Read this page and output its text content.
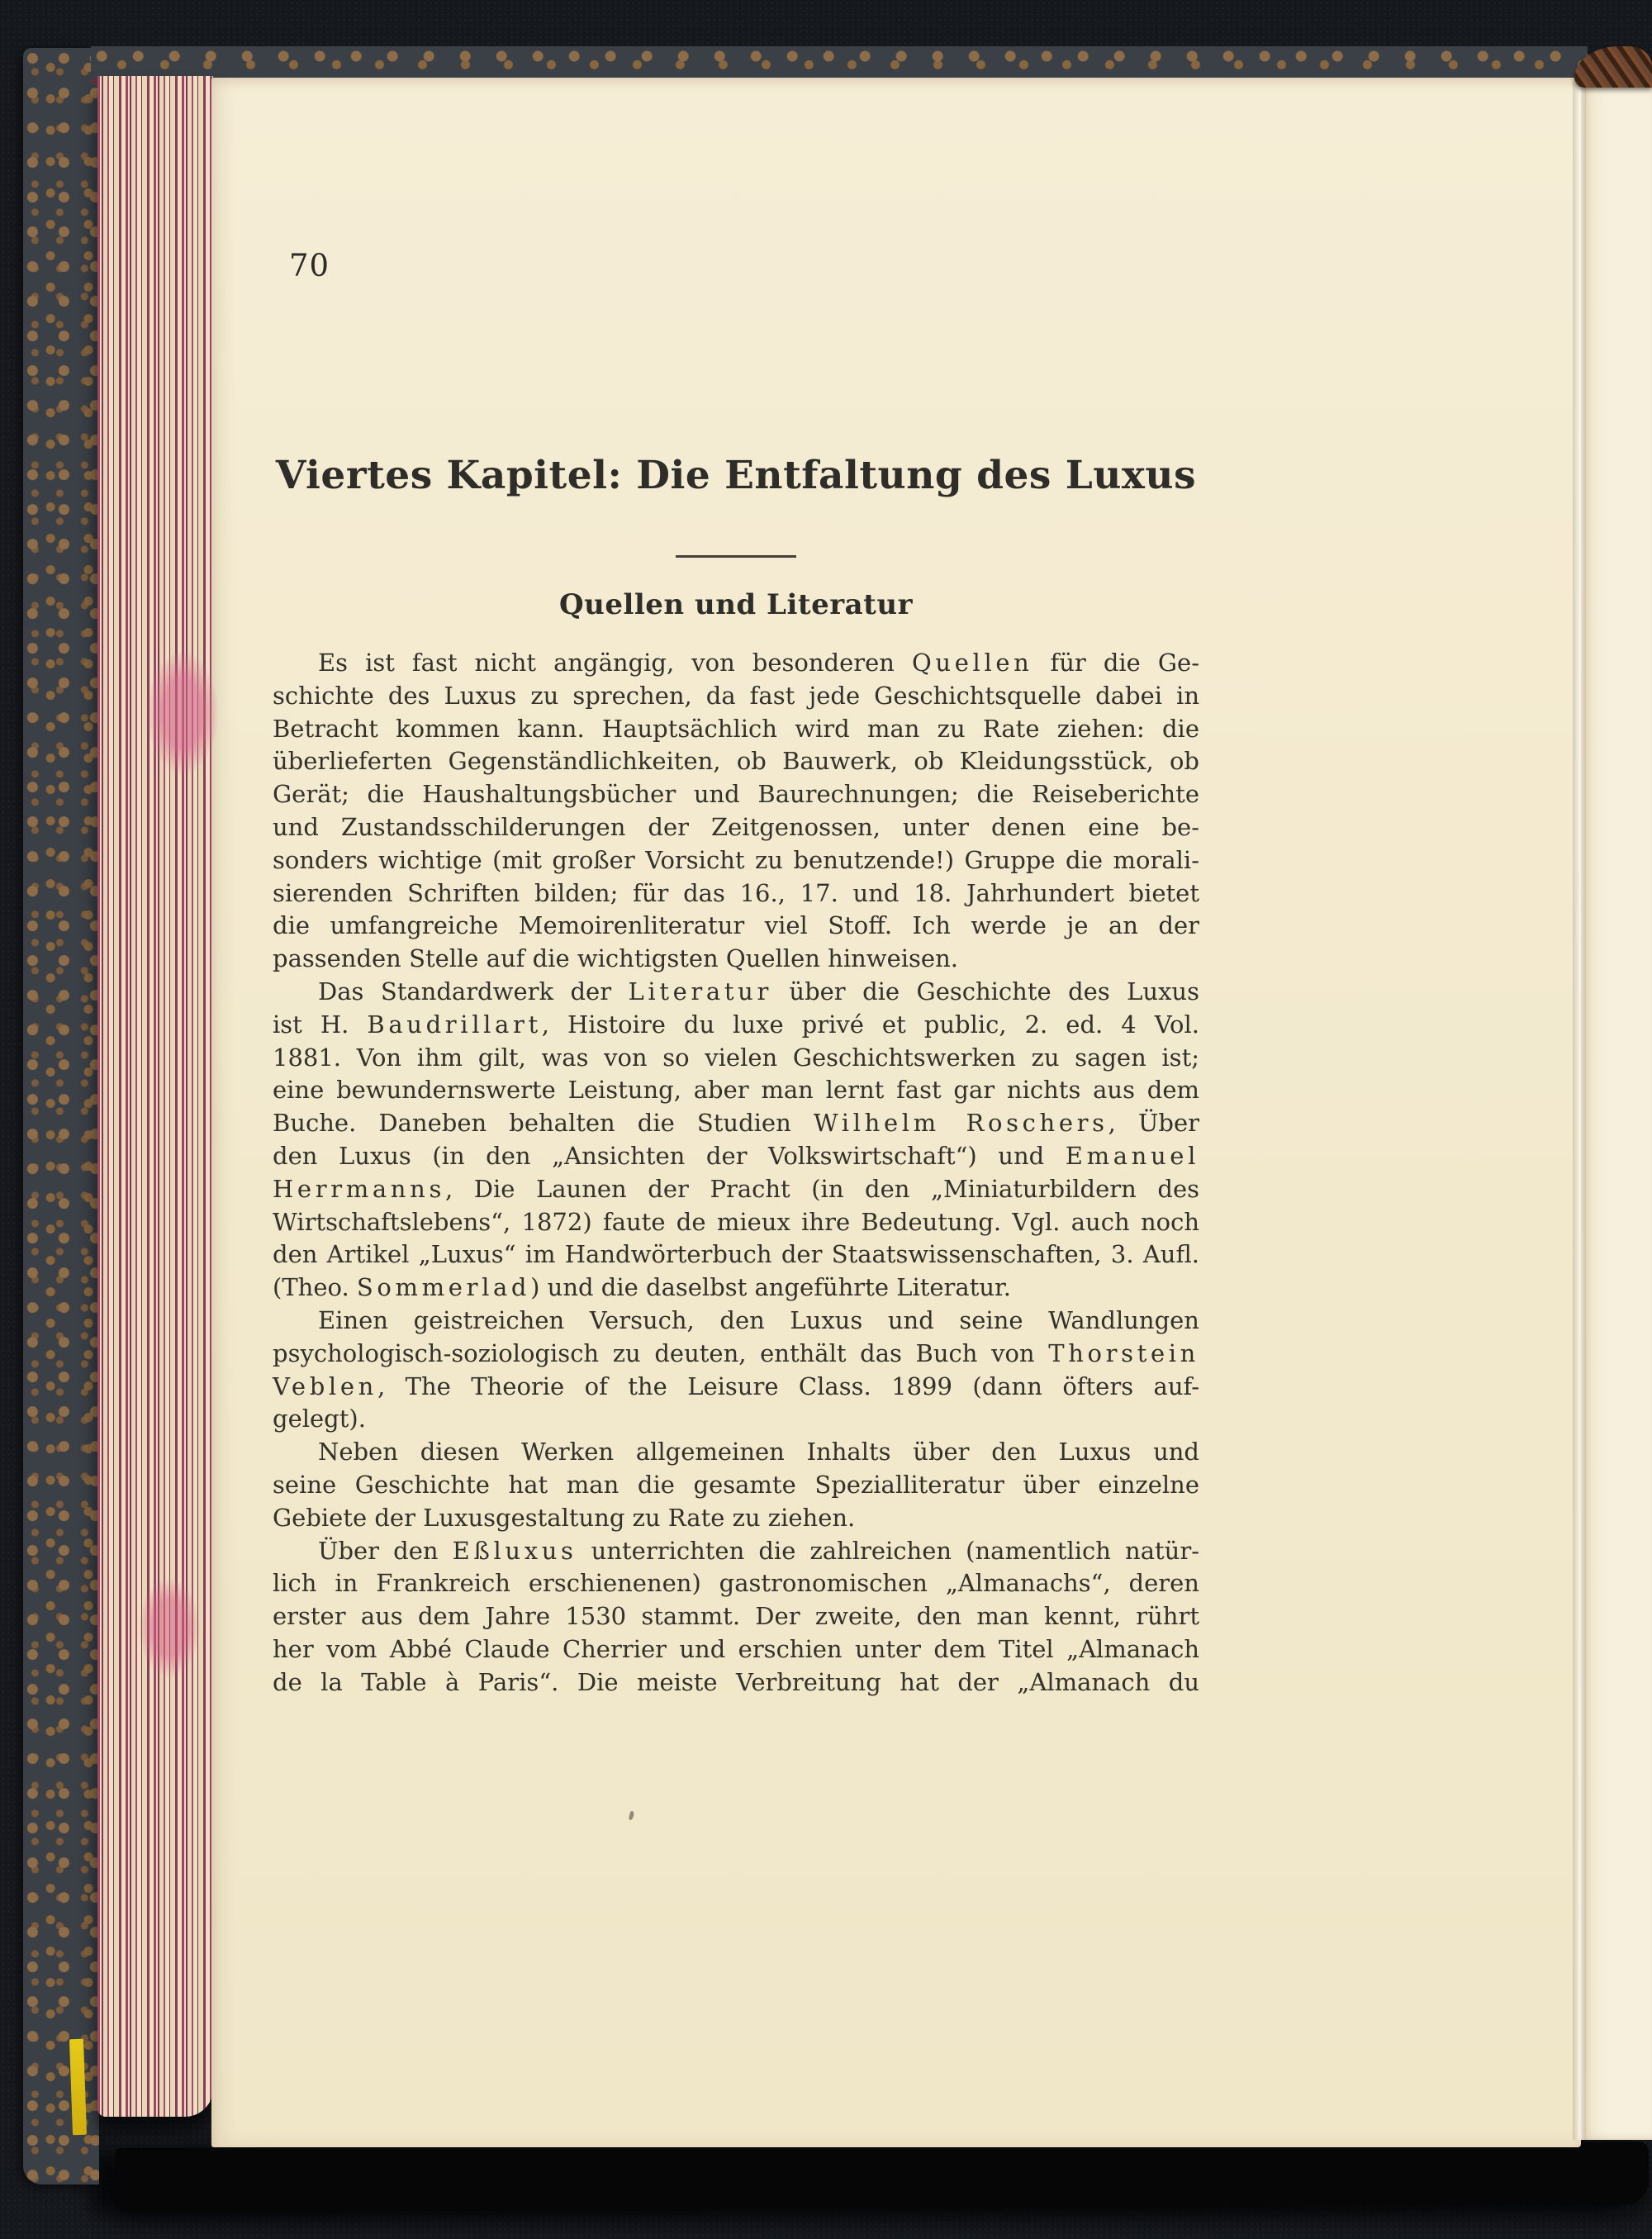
70
Viertes Kapitel: Die Entfaltung des Luxus
Quellen und Literatur
Es ist fast nicht angängig, von besonderen Quellen für die Ge-
schichte des Luxus zu sprechen, da fast jede Geschichtsquelle dabei in
Betracht kommen kann. Hauptsächlich wird man zu Rate ziehen: die
überlieferten Gegenständlichkeiten, ob Bauwerk, ob Kleidungsstück, ob
Gerät; die Haushaltungsbücher und Baurechnungen; die Reiseberichte
und Zustandsschilderungen der Zeitgenossen, unter denen eine be-
sonders wichtige (mit großer Vorsicht zu benutzende!) Gruppe die morali-
sierenden Schriften bilden; für das 16., 17. und 18. Jahrhundert bietet
die umfangreiche Memoirenliteratur viel Stoff. Ich werde je an der
passenden Stelle auf die wichtigsten Quellen hinweisen.
Das Standardwerk der Literatur über die Geschichte des Luxus
ist H. Baudrillart, Histoire du luxe privé et public, 2. ed. 4 Vol.
1881. Von ihm gilt, was von so vielen Geschichtswerken zu sagen ist;
eine bewundernswerte Leistung, aber man lernt fast gar nichts aus dem
Buche. Daneben behalten die Studien Wilhelm Roschers, Über
den Luxus (in den „Ansichten der Volkswirtschaft“) und Emanuel
Herrmanns, Die Launen der Pracht (in den „Miniaturbildern des
Wirtschaftslebens“, 1872) faute de mieux ihre Bedeutung. Vgl. auch noch
den Artikel „Luxus“ im Handwörterbuch der Staatswissenschaften, 3. Aufl.
(Theo. Sommerlad) und die daselbst angeführte Literatur.
Einen geistreichen Versuch, den Luxus und seine Wandlungen
psychologisch-soziologisch zu deuten, enthält das Buch von Thorstein
Veblen, The Theorie of the Leisure Class. 1899 (dann öfters auf-
gelegt).
Neben diesen Werken allgemeinen Inhalts über den Luxus und
seine Geschichte hat man die gesamte Spezialliteratur über einzelne
Gebiete der Luxusgestaltung zu Rate zu ziehen.
Über den Eßluxus unterrichten die zahlreichen (namentlich natür-
lich in Frankreich erschienenen) gastronomischen „Almanachs“, deren
erster aus dem Jahre 1530 stammt. Der zweite, den man kennt, rührt
her vom Abbé Claude Cherrier und erschien unter dem Titel „Almanach
de la Table à Paris“. Die meiste Verbreitung hat der „Almanach du
